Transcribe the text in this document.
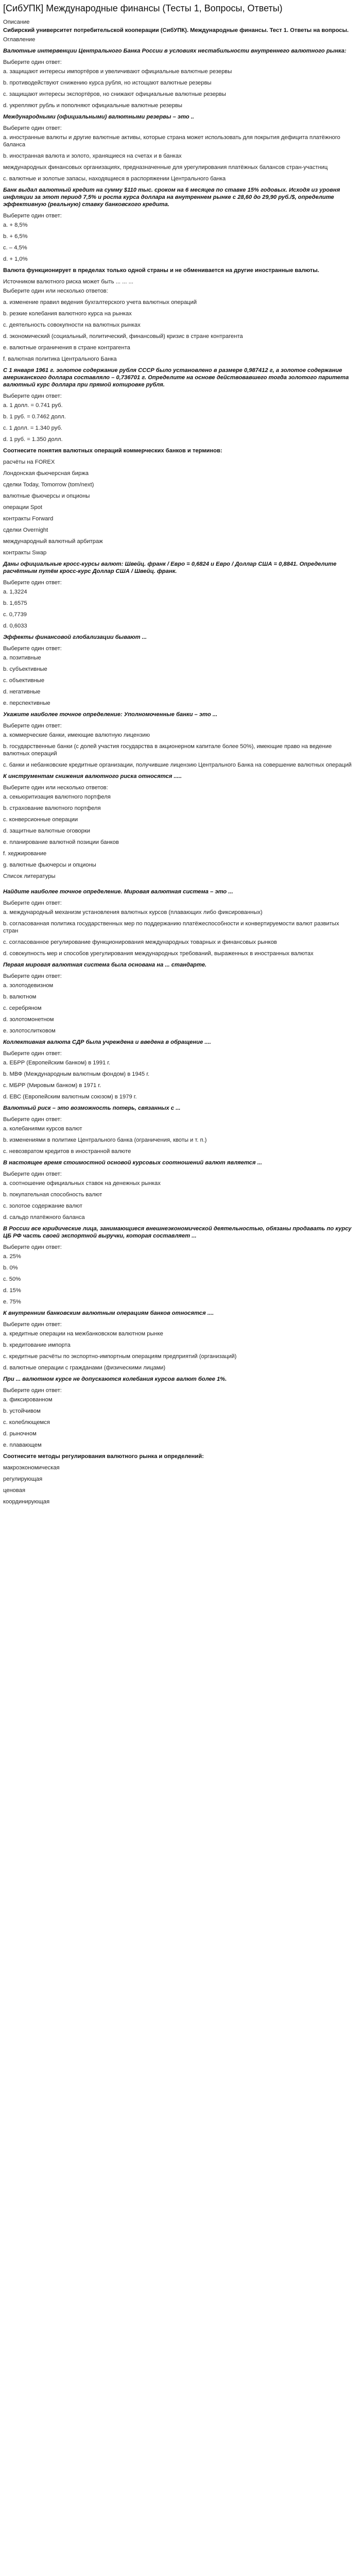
[СибУПК] Международные финансы (Тесты 1, Вопросы, Ответы)

Описание

Сибирский университет потребительской кооперации (СибУПК). Международные финансы. Тест 1. Ответы на вопросы.

Оглавление

Валютные интервенции Центрального Банка России в условиях нестабильности внутреннего валютного рынка:

Выберите один ответ:

a. защищают интересы импортёров и увеличивают официальные валютные резервы

b. противодействуют снижению курса рубля, но истощают валютные резервы

c. защищают интересы экспортёров, но снижают официальные валютные резервы

d. укрепляют рубль и пополняют официальные валютные резервы

Международными (официальными) валютными резервы – это ..

Выберите один ответ:

a. иностранные валюты и другие валютные активы, которые страна может использовать для покрытия дефицита платёжного баланса

b. иностранная валюта и золото, хранящиеся на счетах и в банках

международных финансовых организациях, предназначенные для урегулирования платёжных балансов стран-участниц

c. валютные и золотые запасы, находящиеся в распоряжении Центрального банка

Банк выдал валютный кредит на сумму $110 тыс. сроком на 6 месяцев по ставке 15% годовых. Исходя из уровня инфляции за этот период 7,5% и роста курса доллара на внутреннем рынке с 28,60 до 29,90 руб./$, определите эффективную (реальную) ставку банковского кредита.

Выберите один ответ:

a. + 8,5%

b. + 6,5%

c. – 4,5%

d. + 1,0%

Валюта функционирует в пределах только одной страны и не обменивается на другие иностранные валюты.

Источником валютного риска может быть ... ... ...

Выберите один или несколько ответов:

a. изменение правил ведения бухгалтерского учета валютных операций

b. резкие колебания валютного курса на рынках

c. деятельность совокупности на валютных рынках

d. экономический (социальный, политический, финансовый) кризис в стране контрагента

e. валютные ограничения в стране контрагента

f. валютная политика Центрального Банка

С 1 января 1961 г. золотое содержание рубля СССР было установлено в размере 0,987412 г, а золотое содержание американского доллара составляло – 0,736701 г. Определите на основе действовавшего тогда золотого паритета валютный курс доллара при прямой котировке рубля.

Выберите один ответ:

a. 1 долл. = 0.741 руб.

b. 1 руб. = 0.7462 долл.

c. 1 долл. = 1.340 руб.

d. 1 руб. = 1.350 долл.

Соотнесите понятия валютных операций коммерческих банков и терминов:

расчёты на FOREX

Лондонская фьючерсная биржа

сделки Today, Tomorrow (tom/next)

валютные фьючерсы и опционы

операции Spot

контракты Forward

сделки Overnight

международный валютный арбитраж

контракты Swap

Даны официальные кросс-курсы валют: Швейц. франк / Евро = 0,6824 и Евро / Доллар США = 0,8841. Определите расчётным путём кросс-курс Доллар США / Швейц. франк.

Выберите один ответ:

a. 1,3224

b. 1,6575

c. 0,7739

d. 0,6033

Эффекты финансовой глобализации бывают ...

Выберите один ответ:

a. позитивные

b. субъективные

c. объективные

d. негативные

e. перспективные

Укажите наиболее точное определение: Уполномоченные банки – это ...

Выберите один ответ:

a. коммерческие банки, имеющие валютную лицензию

b. государственные банки (с долей участия государства в акционерном капитале более 50%), имеющие право на ведение валютных операций

c. банки и небанковские кредитные организации, получившие лицензию Центрального Банка на совершение валютных операций

К инструментам снижения валютного риска относятся .....

Выберите один или несколько ответов:

a. секьюритизация валютного портфеля

b. страхование валютного портфеля

c. конверсионные операции

d. защитные валютные оговорки

e. планирование валютной позиции банков

f. хеджирование

g. валютные фьючерсы и опционы

Список литературы

Найдите наиболее точное определение. Мировая валютная система – это ...

Выберите один ответ:

a. международный механизм установления валютных курсов (плавающих либо фиксированных)

b. согласованная политика государственных мер по поддержанию платёжеспособности и конвертируемости валют развитых стран

c. согласованное регулирование функционирования международных товарных и финансовых рынков

d. совокупность мер и способов урегулирования международных требований, выраженных в иностранных валютах

Первая мировая валютная система была основана на ... стандарте.

Выберите один ответ:

a. золотодевизном

b. валютном

c. серебряном

d. золотомонетном

e. золотослитковом

Коллективная валюта СДР была учреждена и введена в обращение ....

Выберите один ответ:

a. ЕБРР (Европейским банком) в 1991 г.

b. МВФ (Международным валютным фондом) в 1945 г.

c. МБРР (Мировым банком) в 1971 г.

d. ЕВС (Европейским валютным союзом) в 1979 г.

Валютный риск – это возможность потерь, связанных с ...

Выберите один ответ:

a. колебаниями курсов валют

b. изменениями в политике Центрального банка (ограничения, квоты и т. п.)

c. невозвратом кредитов в иностранной валюте

В настоящее время стоимостной основой курсовых соотношений валют является ...

Выберите один ответ:

a. соотношение официальных ставок на денежных рынках

b. покупательная способность валют

c. золотое содержание валют

d. сальдо платёжного баланса

В России все юридические лица, занимающиеся внешнеэкономической деятельностью, обязаны продавать по курсу ЦБ РФ часть своей экспортной выручки, которая составляет ...

Выберите один ответ:

a. 25%

b. 0%

c. 50%

d. 15%

e. 75%

К внутренним банковским валютным операциям банков относятся ....

Выберите один ответ:

a. кредитные операции на межбанковском валютном рынке

b. кредитование импорта

c. кредитные расчёты по экспортно-импортным операциям предприятий (организаций)

d. валютные операции с гражданами (физическими лицами)

При ... валютном курсе не допускаются колебания курсов валют более 1%.

Выберите один ответ:

a. фиксированном

b. устойчивом

c. колеблющемся

d. рыночном

e. плавающем

Соотнесите методы регулирования валютного рынка и определений:

макроэкономическая

регулирующая

ценовая

координирующая
